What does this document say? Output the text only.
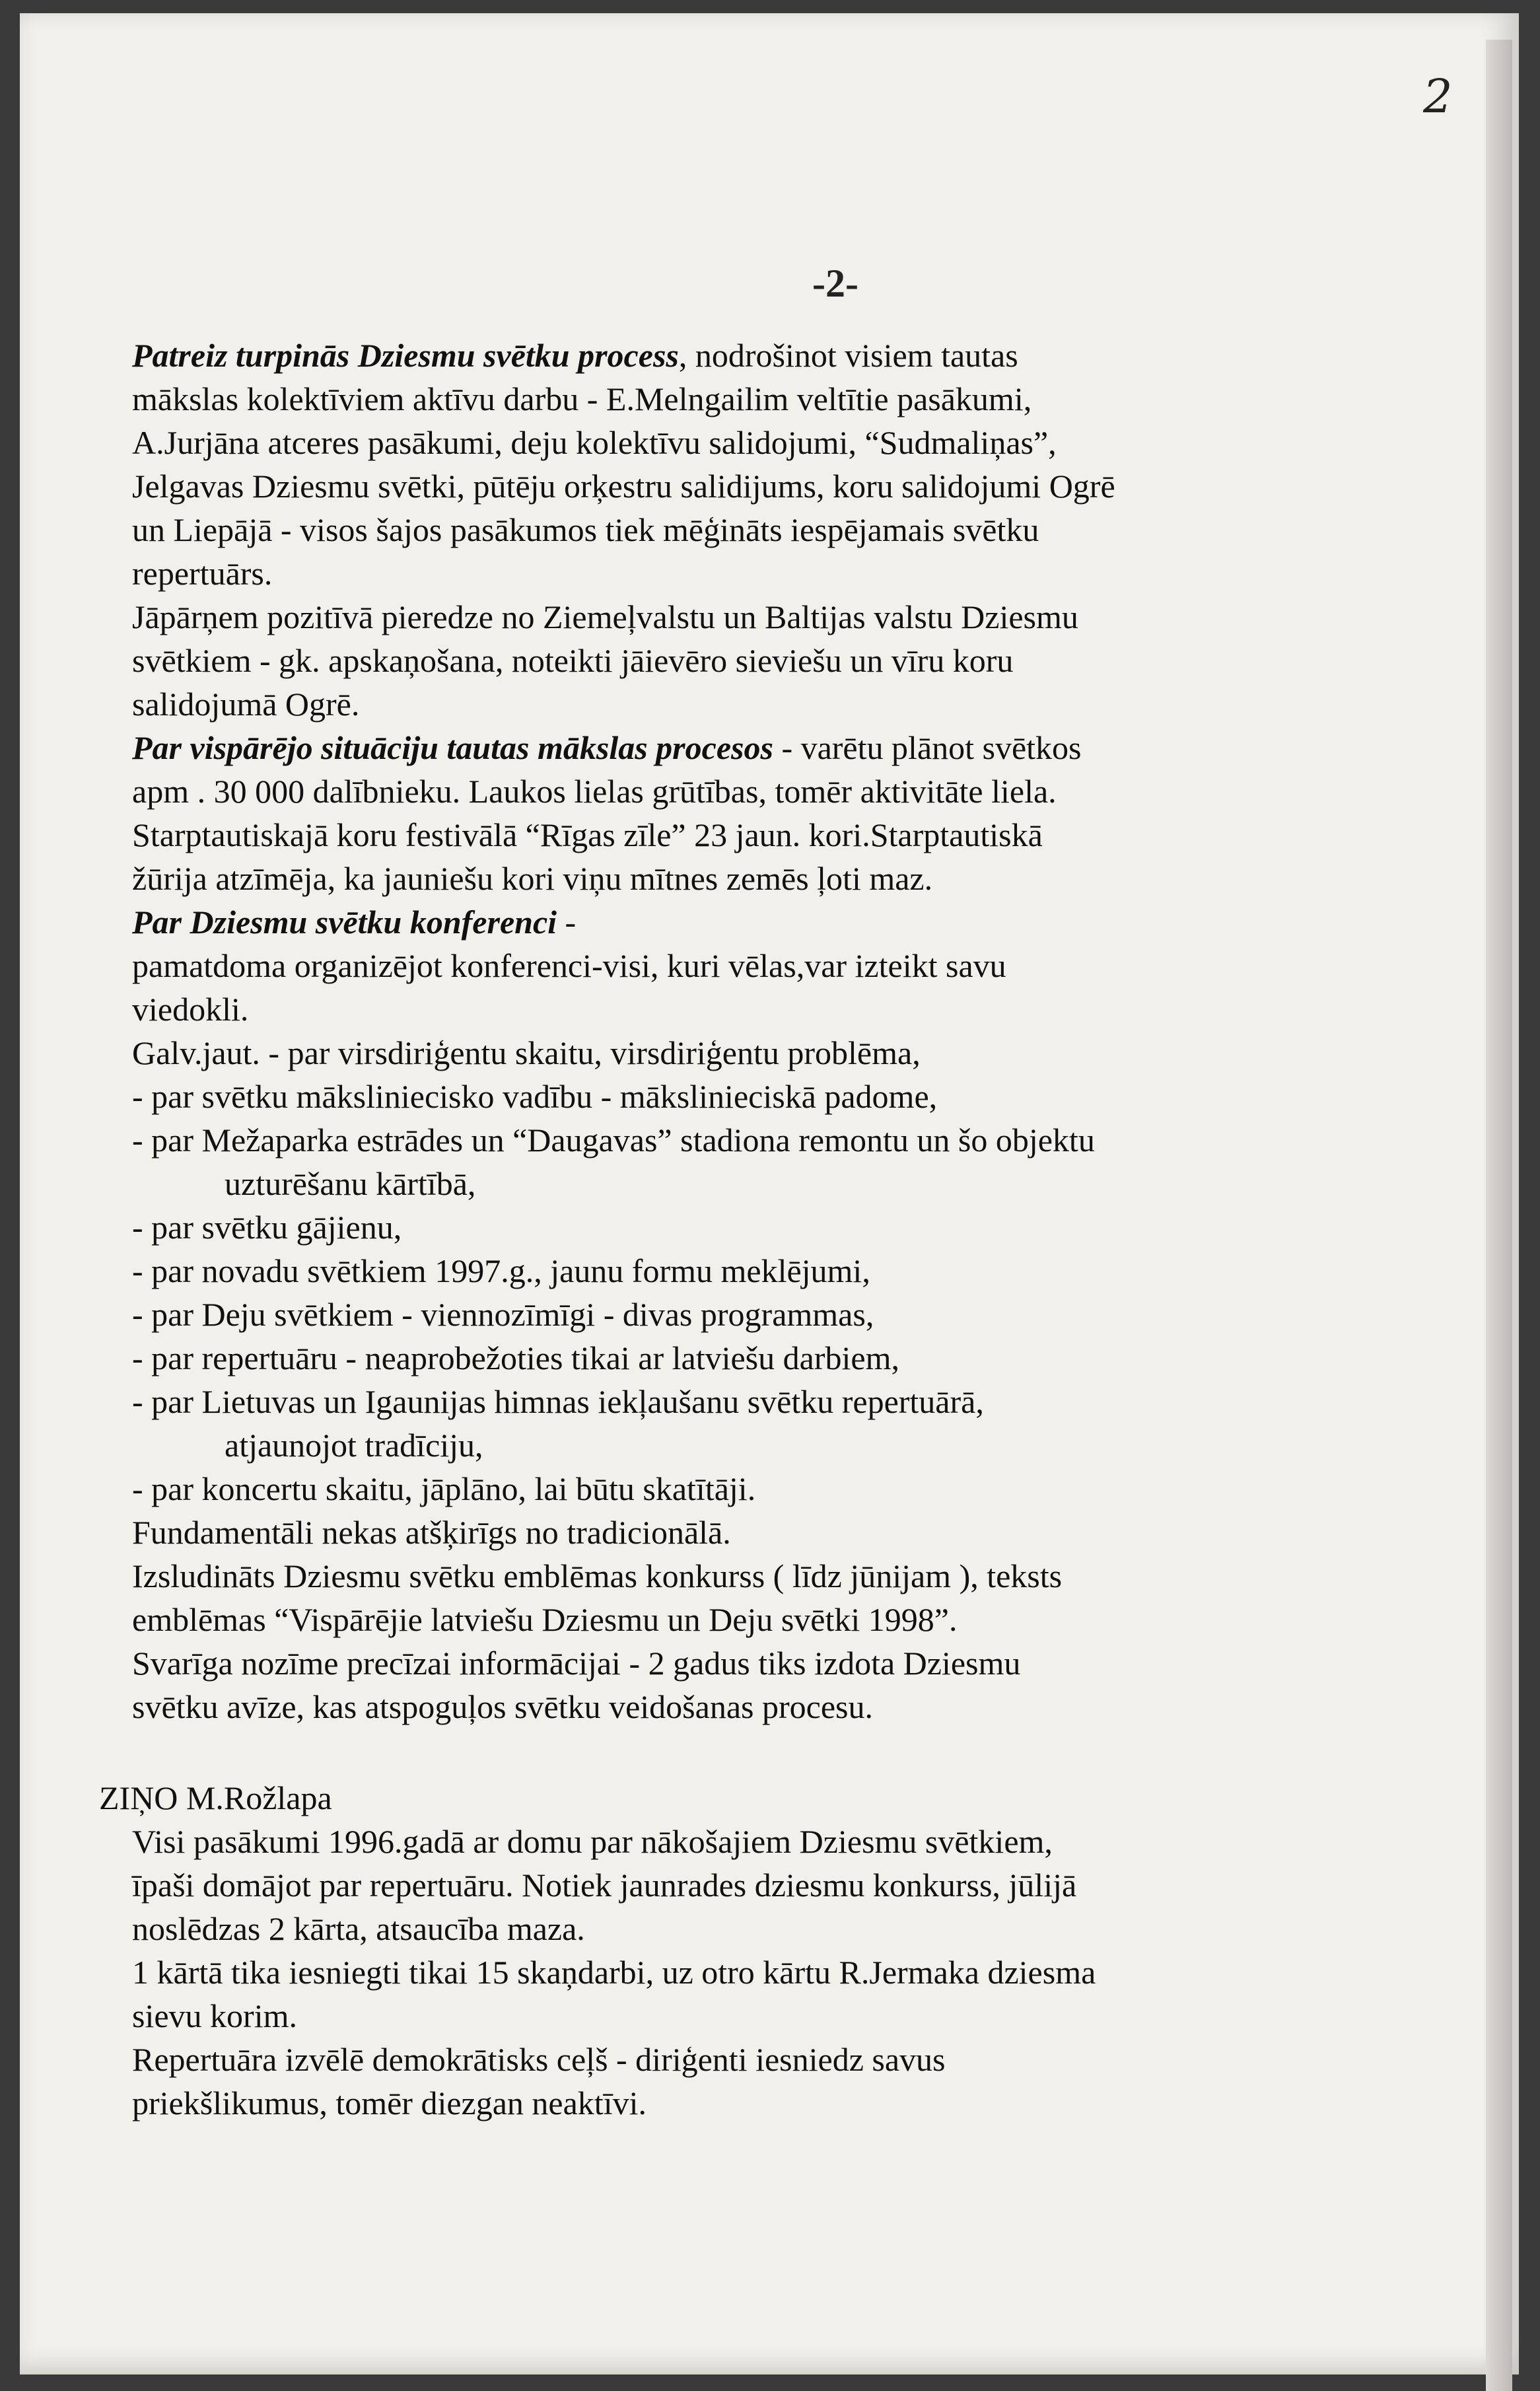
2
-2-
Patreiz turpinās Dziesmu svētku process, nodrošinot visiem tautas
mākslas kolektīviem aktīvu darbu - E.Melngailim veltītie pasākumi,
A.Jurjāna atceres pasākumi, deju kolektīvu salidojumi, “Sudmaliņas”,
Jelgavas Dziesmu svētki, pūtēju orķestru salidijums, koru salidojumi Ogrē
un Liepājā - visos šajos pasākumos tiek mēģināts iespējamais svētku
repertuārs.
Jāpārņem pozitīvā pieredze no Ziemeļvalstu un Baltijas valstu Dziesmu
svētkiem - gk. apskaņošana, noteikti jāievēro sieviešu un vīru koru
salidojumā Ogrē.
Par vispārējo situāciju tautas mākslas procesos - varētu plānot svētkos
apm . 30 000 dalībnieku. Laukos lielas grūtības, tomēr aktivitāte liela.
Starptautiskajā koru festivālā “Rīgas zīle” 23 jaun. kori.Starptautiskā
žūrija atzīmēja, ka jauniešu kori viņu mītnes zemēs ļoti maz.
Par Dziesmu svētku konferenci -
pamatdoma organizējot konferenci-visi, kuri vēlas,var izteikt savu
viedokli.
Galv.jaut. - par virsdiriģentu skaitu, virsdiriģentu problēma,
- par svētku māksliniecisko vadību - mākslinieciskā padome,
- par Mežaparka estrādes un “Daugavas” stadiona remontu un šo objektu
uzturēšanu kārtībā,
- par svētku gājienu,
- par novadu svētkiem 1997.g., jaunu formu meklējumi,
- par Deju svētkiem - viennozīmīgi - divas programmas,
- par repertuāru - neaprobežoties tikai ar latviešu darbiem,
- par Lietuvas un Igaunijas himnas iekļaušanu svētku repertuārā,
atjaunojot tradīciju,
- par koncertu skaitu, jāplāno, lai būtu skatītāji.
Fundamentāli nekas atšķirīgs no tradicionālā.
Izsludināts Dziesmu svētku emblēmas konkurss ( līdz jūnijam ), teksts
emblēmas “Vispārējie latviešu Dziesmu un Deju svētki 1998”.
Svarīga nozīme precīzai informācijai - 2 gadus tiks izdota Dziesmu
svētku avīze, kas atspoguļos svētku veidošanas procesu.
ZIŅO M.Rožlapa
Visi pasākumi 1996.gadā ar domu par nākošajiem Dziesmu svētkiem,
īpaši domājot par repertuāru. Notiek jaunrades dziesmu konkurss, jūlijā
noslēdzas 2 kārta, atsaucība maza.
1 kārtā tika iesniegti tikai 15 skaņdarbi, uz otro kārtu R.Jermaka dziesma
sievu korim.
Repertuāra izvēlē demokrātisks ceļš - diriģenti iesniedz savus
priekšlikumus, tomēr diezgan neaktīvi.
